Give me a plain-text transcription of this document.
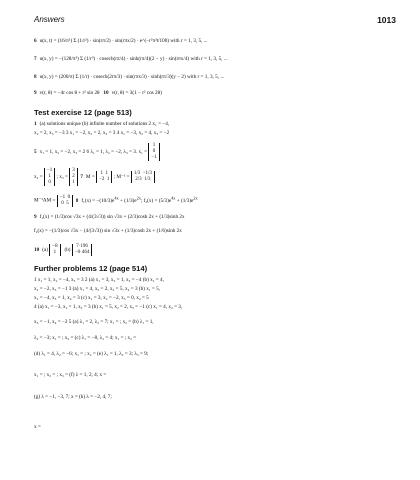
Answers	1013
6 u(x, t) = (16/π²) Σ (1/r²) · sin(rπ/2) · sin(rπx/2) · e^(−r²π²t/100) with r = 1, 3, 5, ...
7 u(x, y) = −(128/π³) Σ (1/r³) · cosech(rπ/4) · sinh(rπ/4)(2 − y) · sin(rπx/4) with r = 1, 3, 5, ...
8 u(x, y) = (200/π) Σ (1/r) · cosech(2rπ/3) · sin(rπx/3) · sinh(rπ/3)(y − 2) with r = 1, 3, 5, ...
9 v(r, θ) = −4r cos θ + r² sin 2θ 10 v(r, θ) = 3(1 − r² cos 2θ)
Test exercise 12 (page 513)
1 (a) solutions unique (b) infinite number of solutions 2 x₁ = −4,
x₂ = 2, x₃ = −3 3 x₁ = −2, x₂ = 2, x₃ = 3 4 x₁ = −3, x₂ = 4, x₃ = −2
5 x₁ = 1, x₂ = −2, x₃ = 2 6 λ₁ = 1, λ₂ = −2, λ₃ = 3. x₁ = 1
0
−1
x₂ = −1
1
0 ; x₃ = 3
2
1  7 M = 1 1
−2 1 ; M⁻¹ = 1/3 −1/3
2/3 1/3
M⁻¹AM = −1 0
0 5  8 $f_1(x) = -(10/3)e^{4x} + (1/3)e^{2x}$; $f_2(x) = (5/3)e^{4x} + (1/3)e^{2x}$
9 f₁(x) = (1/3)cos √3x + (4/(3√3)) sin √3x + (2/3)cosh 2x + (1/3)sinh 2x
f₂(x) = −(1/3)cos √3x − (4/(3√3)) sin √3x + (1/3)cosh 2x + (1/6)sinh 2x
10 (a) −8
1   (b) 7·196
−0·464
Further problems 12 (page 514)
1 x₁ = 1, x₂ = −4, x₃ = 3 2 (a) x₁ = 3, x₂ = 1, x₃ = −4 (b) x₁ = 4,
x₂ = −2, x₃ = −1 3 (a) x₁ = 4, x₂ = 2, x₃ = 5, x₄ = 3 (b) x₁ = 5,
x₂ = −4, x₃ = 1, x₄ = 3 (c) x₁ = 3, x₂ = −2, x₃ = 0, x₄ = 5
4 (a) x₁ = −3, x₂ = 1, x₃ = 3 (b) x₁ = 5, x₂ = 2, x₃ = −1 (c) x₁ = 4, x₂ = 3,
x₃ = −1, x₄ = −2 5 (a) λ₁ = 2, λ₂ = 7; x₁ = ; x₂ = (b) λ₁ = 1,
λ₂ = −3; x₁ = ; x₂ = (c) λ₁ = −8, λ₂ = 4; x₁ = ; x₂ =
(d) λ₁ = 4, λ₂ = −6; x₁ = ; x₂ = (e) λ₁ = 1, λ₂ = 3; λ₃ = 9;
x₁ = ; x₂ = ; x₃ = (f) λ = 1, 2, 4; x =
(g) λ = −1, −3, 7; x = (h) λ = −2, 4, 7;
x =
